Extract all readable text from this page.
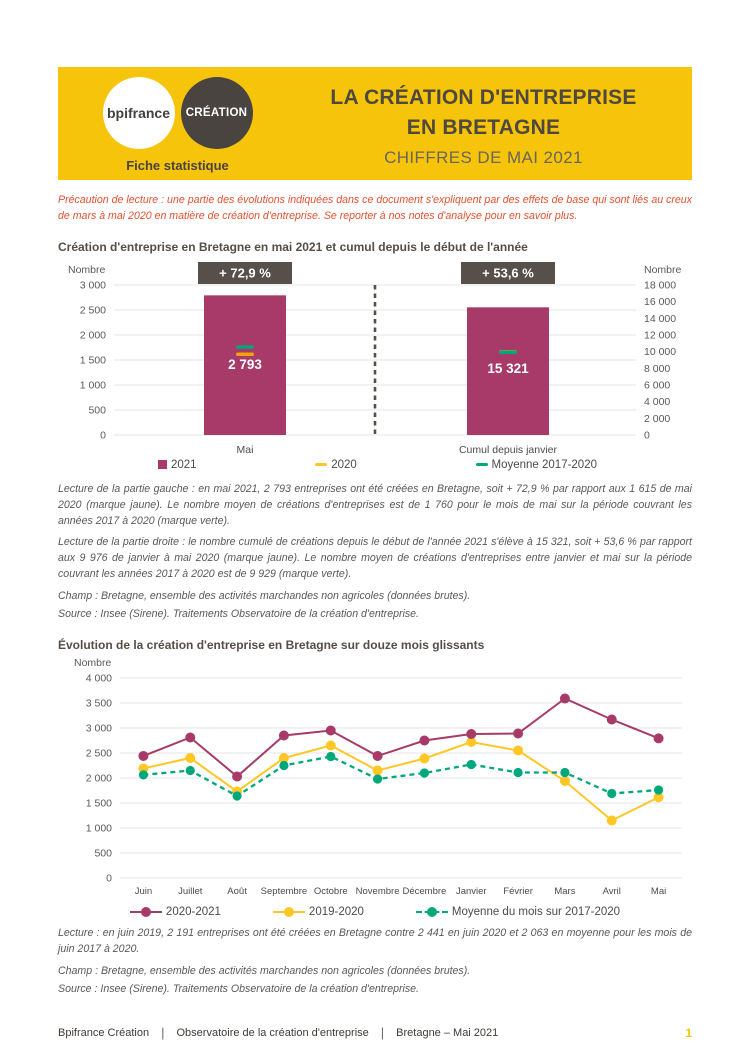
bpifrance CRÉATION
Fiche statistique
LA CRÉATION D'ENTREPRISE
EN BRETAGNE
CHIFFRES DE MAI 2021

Précaution de lecture : une partie des évolutions indiquées dans ce document s'expliquent par des effets de base qui sont liés au creux de mars à mai 2020 en matière de création d'entreprise. Se reporter à nos notes d'analyse pour en savoir plus.

Création d'entreprise en Bretagne en mai 2021 et cumul depuis le début de l'année
0
500
1 000
1 500
2 000
2 500
3 000
0
2 000
4 000
6 000
8 000
10 000
12 000
14 000
16 000
18 000
Nombre	Nombre
+ 72,9 %
2 793
Mai
+ 53,6 %
15 321
Cumul depuis janvier
2021	2020	Moyenne 2017-2020

Lecture de la partie gauche : en mai 2021, 2 793 entreprises ont été créées en Bretagne, soit + 72,9 % par rapport aux 1 615 de mai 2020 (marque jaune). Le nombre moyen de créations d'entreprises est de 1 760 pour le mois de mai sur la période couvrant les années 2017 à 2020 (marque verte).

Lecture de la partie droite : le nombre cumulé de créations depuis le début de l'année 2021 s'élève à 15 321, soit + 53,6 % par rapport aux 9 976 de janvier à mai 2020 (marque jaune). Le nombre moyen de créations d'entreprises entre janvier et mai sur la période couvrant les années 2017 à 2020 est de 9 929 (marque verte).

Champ : Bretagne, ensemble des activités marchandes non agricoles (données brutes).

Source : Insee (Sirene). Traitements Observatoire de la création d'entreprise.

Évolution de la création d'entreprise en Bretagne sur douze mois glissants
0
500
1 000
1 500
2 000
2 500
3 000
3 500
4 000
Nombre
Juin	Juillet	Août Septembre Octobre Novembre Décembre Janvier Février Mars	Avril	Mai
2020-2021	2019-2020	Moyenne du mois sur 2017-2020

Lecture : en juin 2019, 2 191 entreprises ont été créées en Bretagne contre 2 441 en juin 2020 et 2 063 en moyenne pour les mois de juin 2017 à 2020.

Champ : Bretagne, ensemble des activités marchandes non agricoles (données brutes).

Source : Insee (Sirene). Traitements Observatoire de la création d'entreprise.

Bpifrance Création | Observatoire de la création d'entreprise | Bretagne – Mai 2021	1
